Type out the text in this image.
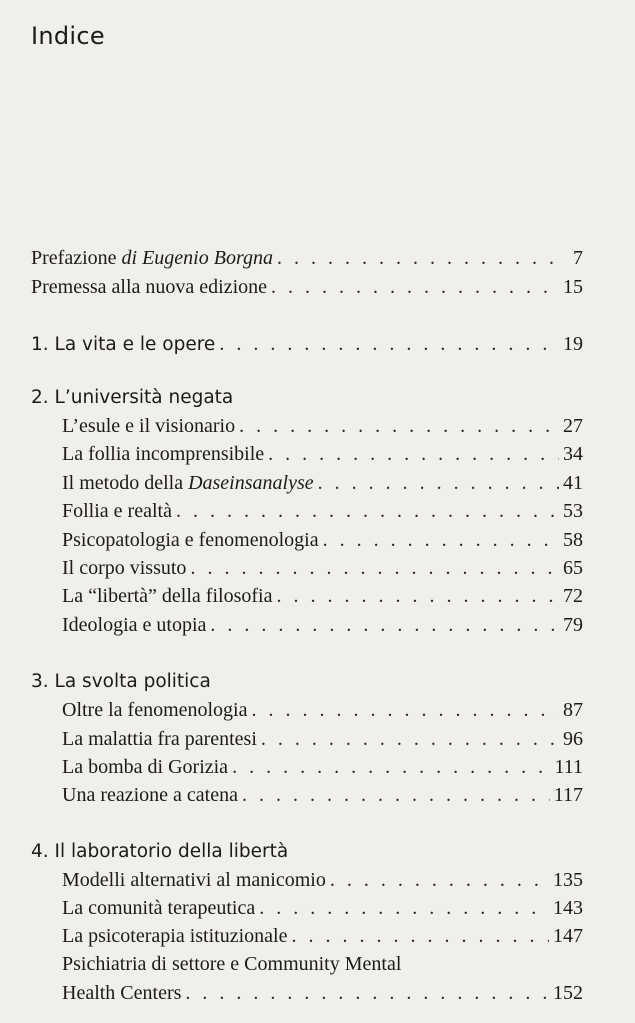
Indice
Prefazione di Eugenio Borgna . . .	7
Premessa alla nuova edizione . . .	15
1. La vita e le opere . . .	19
2. L’università negata
L’esule e il visionario . . .	27
La follia incomprensibile . . .	34
Il metodo della Daseinsanalyse . . .	41
Follia e realtà . . .	53
Psicopatologia e fenomenologia . . .	58
Il corpo vissuto . . .	65
La “libertà” della filosofia . . .	72
Ideologia e utopia . . .	79
3. La svolta politica
Oltre la fenomenologia . . .	87
La malattia fra parentesi . . .	96
La bomba di Gorizia . . .	111
Una reazione a catena . . .	117
4. Il laboratorio della libertà
Modelli alternativi al manicomio . . .	135
La comunità terapeutica . . .	143
La psicoterapia istituzionale . . .	147
Psichiatria di settore e Community Mental
Health Centers . . .	152
